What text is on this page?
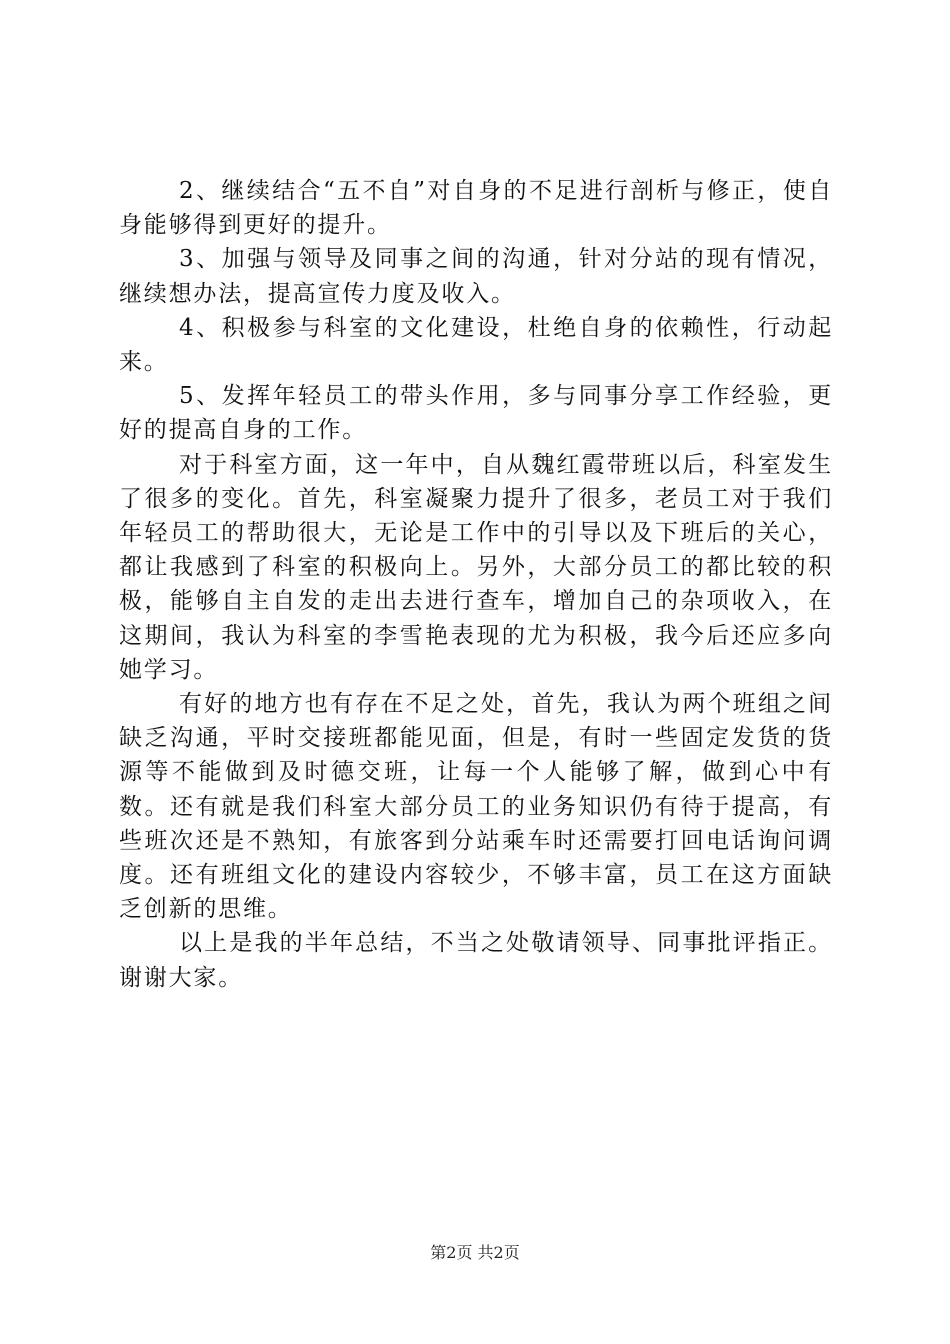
2、继续结合“五不自”对自身的不足进行剖析与修正，使自身能够得到更好的提升。

3、加强与领导及同事之间的沟通，针对分站的现有情况，继续想办法，提高宣传力度及收入。

4、积极参与科室的文化建设，杜绝自身的依赖性，行动起来。

5、发挥年轻员工的带头作用，多与同事分享工作经验，更好的提高自身的工作。

对于科室方面，这一年中，自从魏红霞带班以后，科室发生了很多的变化。首先，科室凝聚力提升了很多，老员工对于我们年轻员工的帮助很大，无论是工作中的引导以及下班后的关心，都让我感到了科室的积极向上。另外，大部分员工的都比较的积极，能够自主自发的走出去进行查车，增加自己的杂项收入，在这期间，我认为科室的李雪艳表现的尤为积极，我今后还应多向她学习。

有好的地方也有存在不足之处，首先，我认为两个班组之间缺乏沟通，平时交接班都能见面，但是，有时一些固定发货的货源等不能做到及时德交班，让每一个人能够了解，做到心中有数。还有就是我们科室大部分员工的业务知识仍有待于提高，有些班次还是不熟知，有旅客到分站乘车时还需要打回电话询问调度。还有班组文化的建设内容较少，不够丰富，员工在这方面缺乏创新的思维。

以上是我的半年总结，不当之处敬请领导、同事批评指正。谢谢大家。

第2页 共2页
